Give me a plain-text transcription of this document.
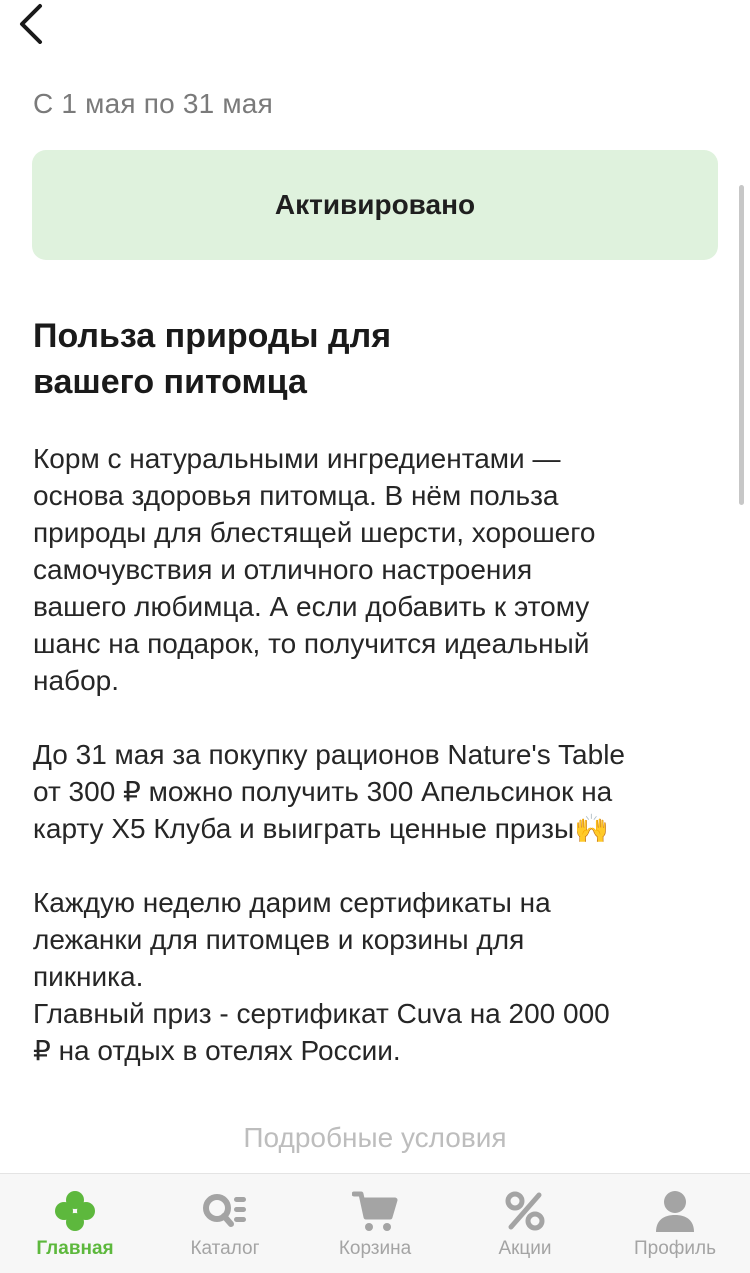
С 1 мая по 31 мая
Активировано
Польза природы для
вашего питомца

Корм с натуральными ингредиентами —
основа здоровья питомца. В нём польза
природы для блестящей шерсти, хорошего
самочувствия и отличного настроения
вашего любимца. А если добавить к этому
шанс на подарок, то получится идеальный
набор.

До 31 мая за покупку рационов Nature's Table
от 300 ₽ можно получить 300 Апельсинок на
карту Х5 Клуба и выиграть ценные призы🙌

Каждую неделю дарим сертификаты на
лежанки для питомцев и корзины для
пикника.
Главный приз - сертификат Cuva на 200 000
₽ на отдых в отелях России.

Подробные условия
Главная	Каталог	Корзина	Акции	Профиль
